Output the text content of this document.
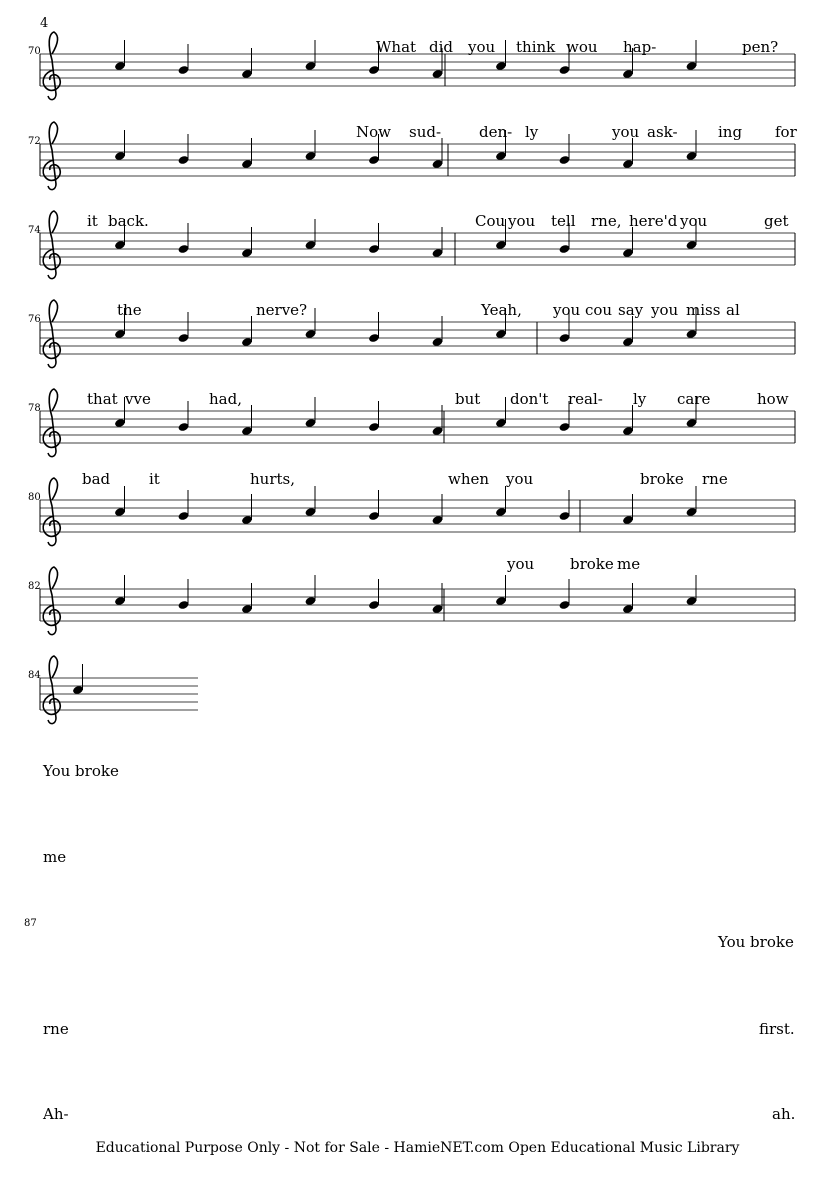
4
70
72
74
76
78
80
82
84
What did you think wou hap-	pen?
Now sud-	den- ly	you ask-	ing for
it back.	Cou you tell rne, here'd you	get
the	nerve?	Yeah, you cou say you miss al
that vve	had,	but don't real- ly care	how
bad	it	hurts,	when you	broke rne
you broke me
You broke
me
87
You broke
rne	first.
Ah-	ah.
Educational Purpose Only - Not for Sale - HamieNET.com Open Educational Music Library
